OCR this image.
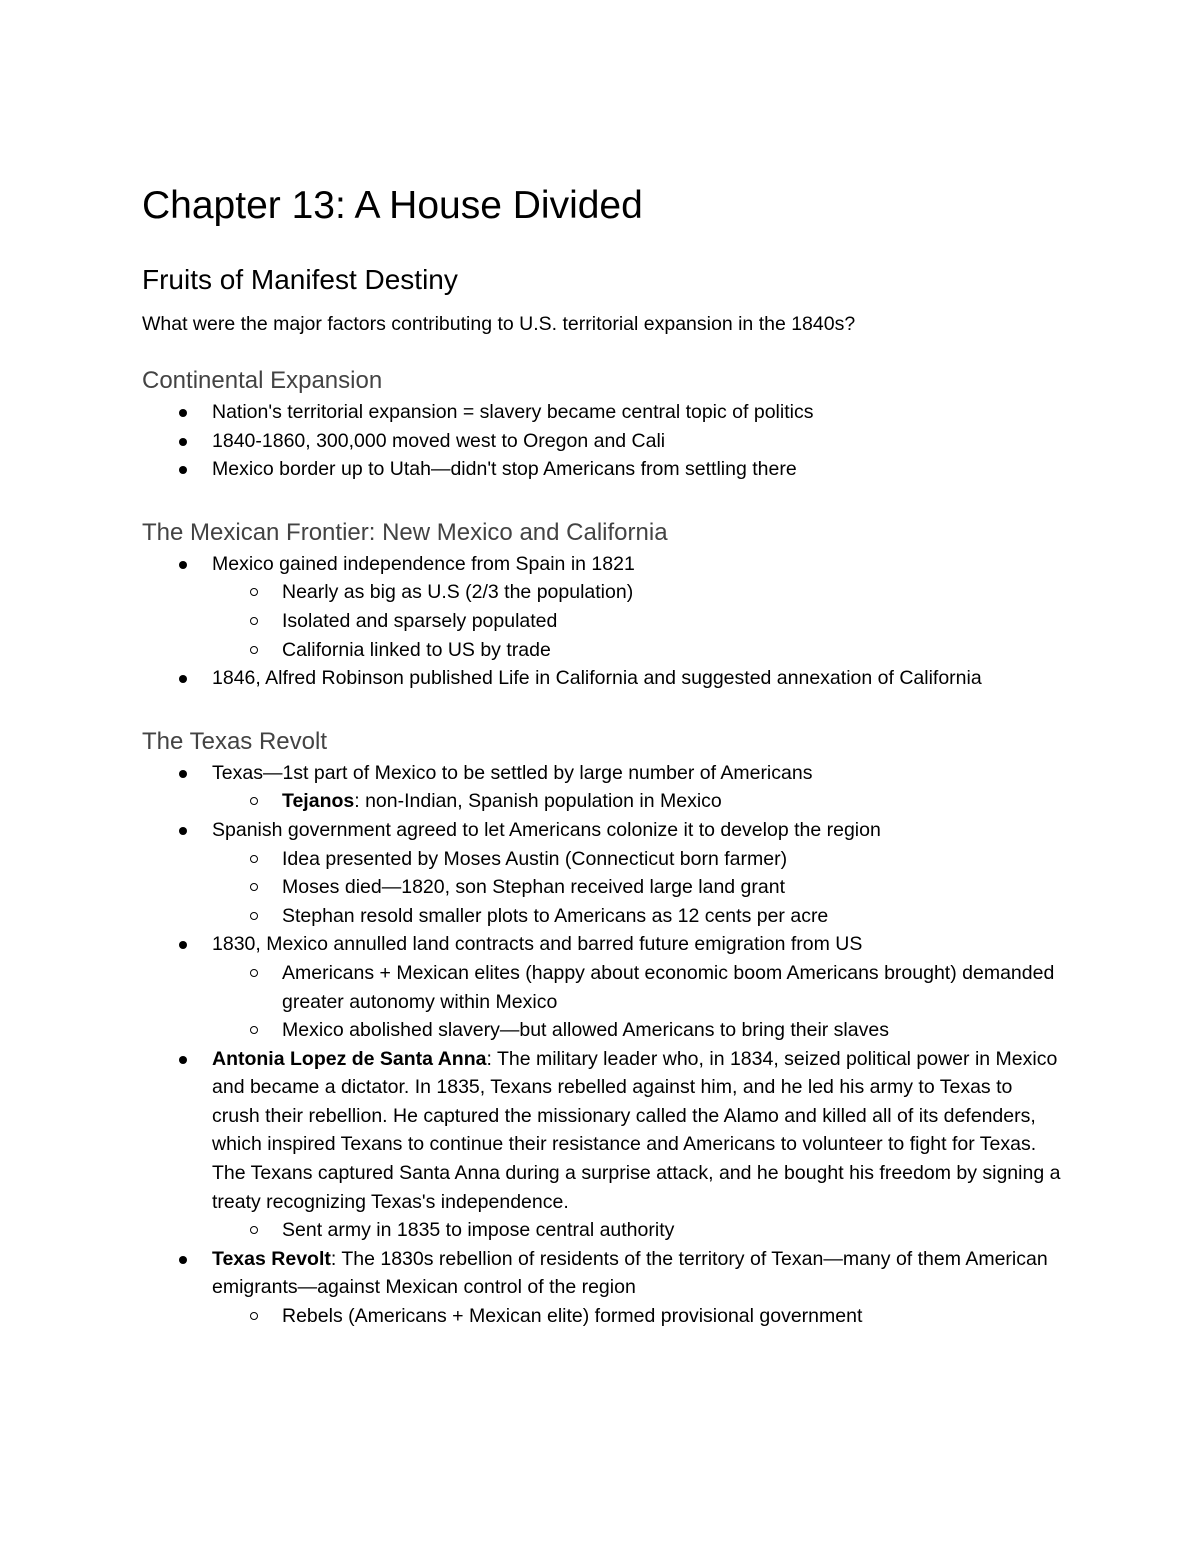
Chapter 13: A House Divided
Fruits of Manifest Destiny

What were the major factors contributing to U.S. territorial expansion in the 1840s?

Continental Expansion
Nation's territorial expansion = slavery became central topic of politics
1840-1860, 300,000 moved west to Oregon and Cali
Mexico border up to Utah—didn't stop Americans from settling there
The Mexican Frontier: New Mexico and California
Mexico gained independence from Spain in 1821
Nearly as big as U.S (2/3 the population)
Isolated and sparsely populated
California linked to US by trade
1846, Alfred Robinson published Life in California and suggested annexation of California
The Texas Revolt
Texas—1st part of Mexico to be settled by large number of Americans
Tejanos: non-Indian, Spanish population in Mexico
Spanish government agreed to let Americans colonize it to develop the region
Idea presented by Moses Austin (Connecticut born farmer)
Moses died—1820, son Stephan received large land grant
Stephan resold smaller plots to Americans as 12 cents per acre
1830, Mexico annulled land contracts and barred future emigration from US
Americans + Mexican elites (happy about economic boom Americans brought) demanded greater autonomy within Mexico
Mexico abolished slavery—but allowed Americans to bring their slaves
Antonia Lopez de Santa Anna: The military leader who, in 1834, seized political power in Mexico and became a dictator. In 1835, Texans rebelled against him, and he led his army to Texas to crush their rebellion. He captured the missionary called the Alamo and killed all of its defenders, which inspired Texans to continue their resistance and Americans to volunteer to fight for Texas. The Texans captured Santa Anna during a surprise attack, and he bought his freedom by signing a treaty recognizing Texas's independence.
Sent army in 1835 to impose central authority
Texas Revolt: The 1830s rebellion of residents of the territory of Texan—many of them American emigrants—against Mexican control of the region
Rebels (Americans + Mexican elite) formed provisional government
